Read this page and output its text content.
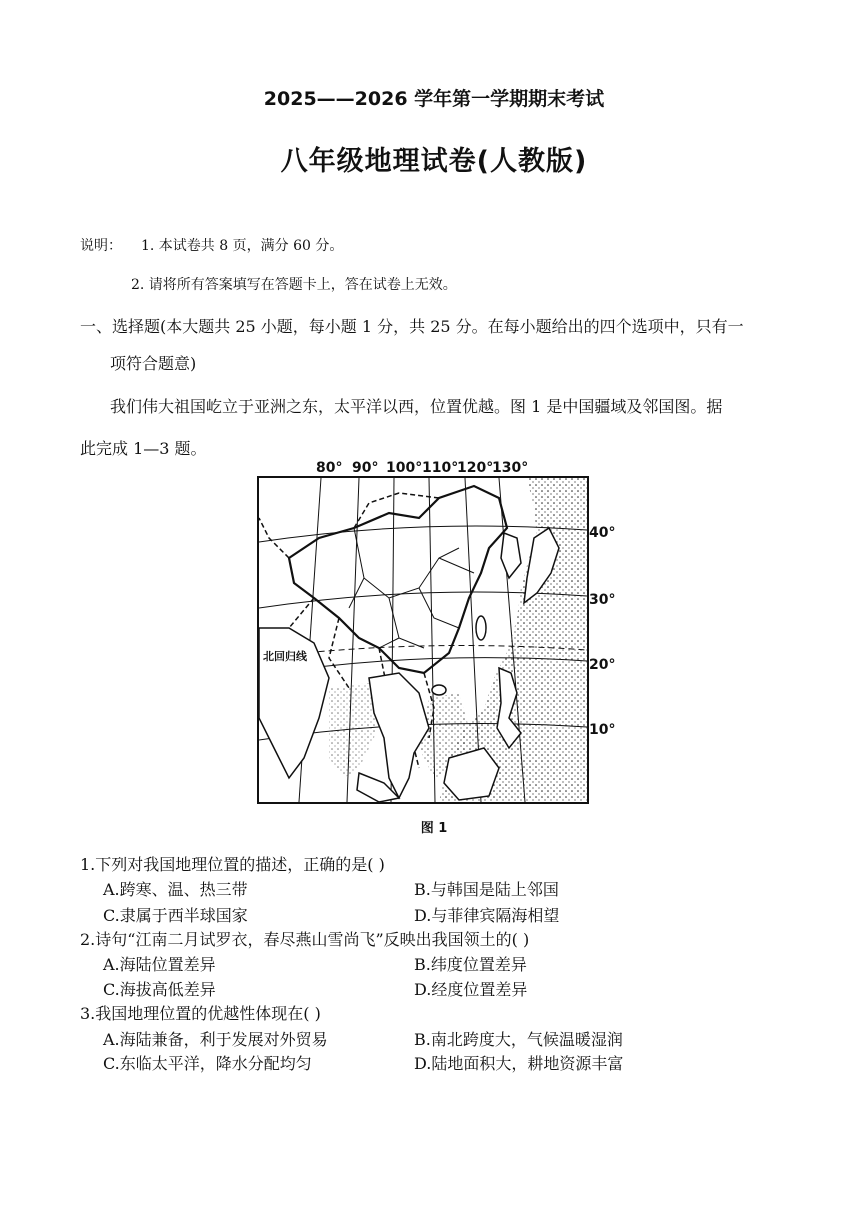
2025——2026 学年第一学期期末考试
八年级地理试卷(人教版)
说明： 1. 本试卷共 8 页，满分 60 分。
2. 请将所有答案填写在答题卡上，答在试卷上无效。
一、选择题(本大题共 25 小题，每小题 1 分，共 25 分。在每小题给出的四个选项中，只有一
项符合题意)
我们伟大祖国屹立于亚洲之东，太平洋以西，位置优越。图 1 是中国疆域及邻国图。据
此完成 1—3 题。
80° 90° 100° 110°
120°
130°
40°
30°
20°
10°
北回归线
图 1
1.下列对我国地理位置的描述，正确的是( )
A.跨寒、温、热三带	B.与韩国是陆上邻国
C.隶属于西半球国家	D.与菲律宾隔海相望
2.诗句“江南二月试罗衣，春尽燕山雪尚飞”反映出我国领土的( )
A.海陆位置差异	B.纬度位置差异
C.海拔高低差异	D.经度位置差异
3.我国地理位置的优越性体现在( )
A.海陆兼备，利于发展对外贸易	B.南北跨度大，气候温暖湿润
C.东临太平洋，降水分配均匀	D.陆地面积大，耕地资源丰富
